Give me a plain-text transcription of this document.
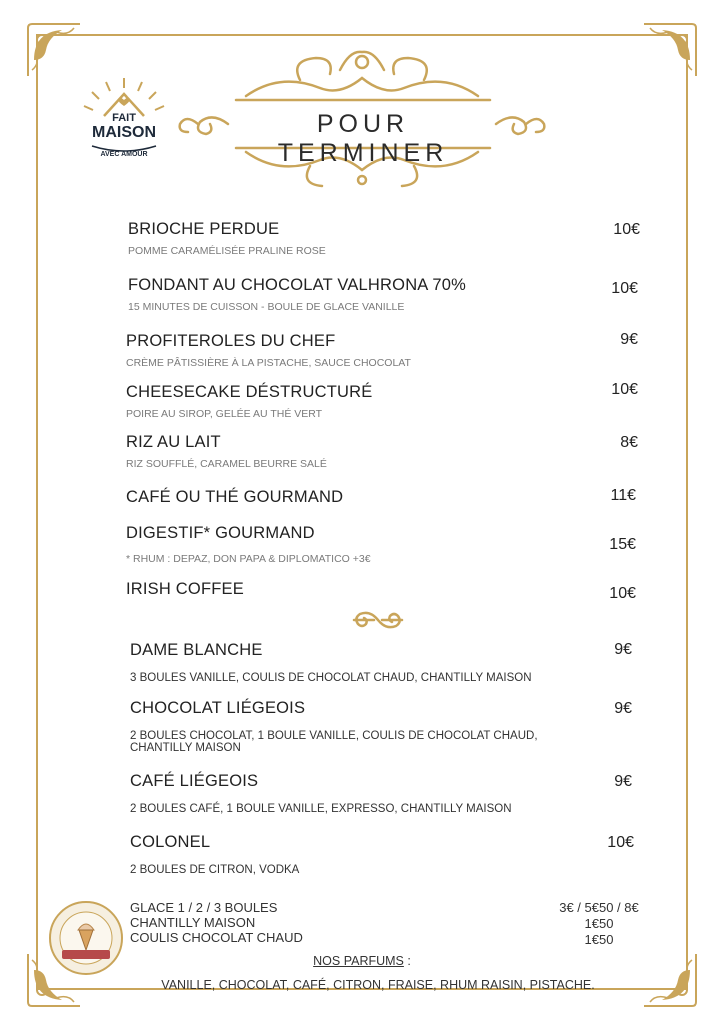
POUR TERMINER
FAIT
MAISON
AVEC AMOUR
BRIOCHE PERDUE
POMME CARAMÉLISÉE PRALINE ROSE
10€
FONDANT AU CHOCOLAT VALHRONA 70%
15 MINUTES DE CUISSON - BOULE DE GLACE VANILLE
10€
PROFITEROLES DU CHEF
CRÈME PÂTISSIÈRE À LA PISTACHE, SAUCE CHOCOLAT
9€
CHEESECAKE DÉSTRUCTURÉ
POIRE AU SIROP, GELÉE AU THÉ VERT
10€
RIZ AU LAIT
RIZ SOUFFLÉ, CARAMEL BEURRE SALÉ
8€
CAFÉ OU THÉ GOURMAND	11€
DIGESTIF* GOURMAND
* RHUM : DEPAZ, DON PAPA & DIPLOMATICO +3€
15€
IRISH COFFEE	10€
DAME BLANCHE
3 BOULES VANILLE, COULIS DE CHOCOLAT CHAUD, CHANTILLY MAISON
9€
CHOCOLAT LIÉGEOIS
2 BOULES CHOCOLAT, 1 BOULE VANILLE, COULIS DE CHOCOLAT CHAUD, CHANTILLY MAISON
9€
CAFÉ LIÉGEOIS
2 BOULES CAFÉ, 1 BOULE VANILLE, EXPRESSO, CHANTILLY MAISON
9€
COLONEL
2 BOULES DE CITRON, VODKA
10€
GLACE 1 / 2 / 3 BOULES
CHANTILLY MAISON
COULIS CHOCOLAT CHAUD
3€ / 5€50 / 8€
1€50
1€50
NOS PARFUMS :
VANILLE, CHOCOLAT, CAFÉ, CITRON, FRAISE, RHUM RAISIN, PISTACHE.
